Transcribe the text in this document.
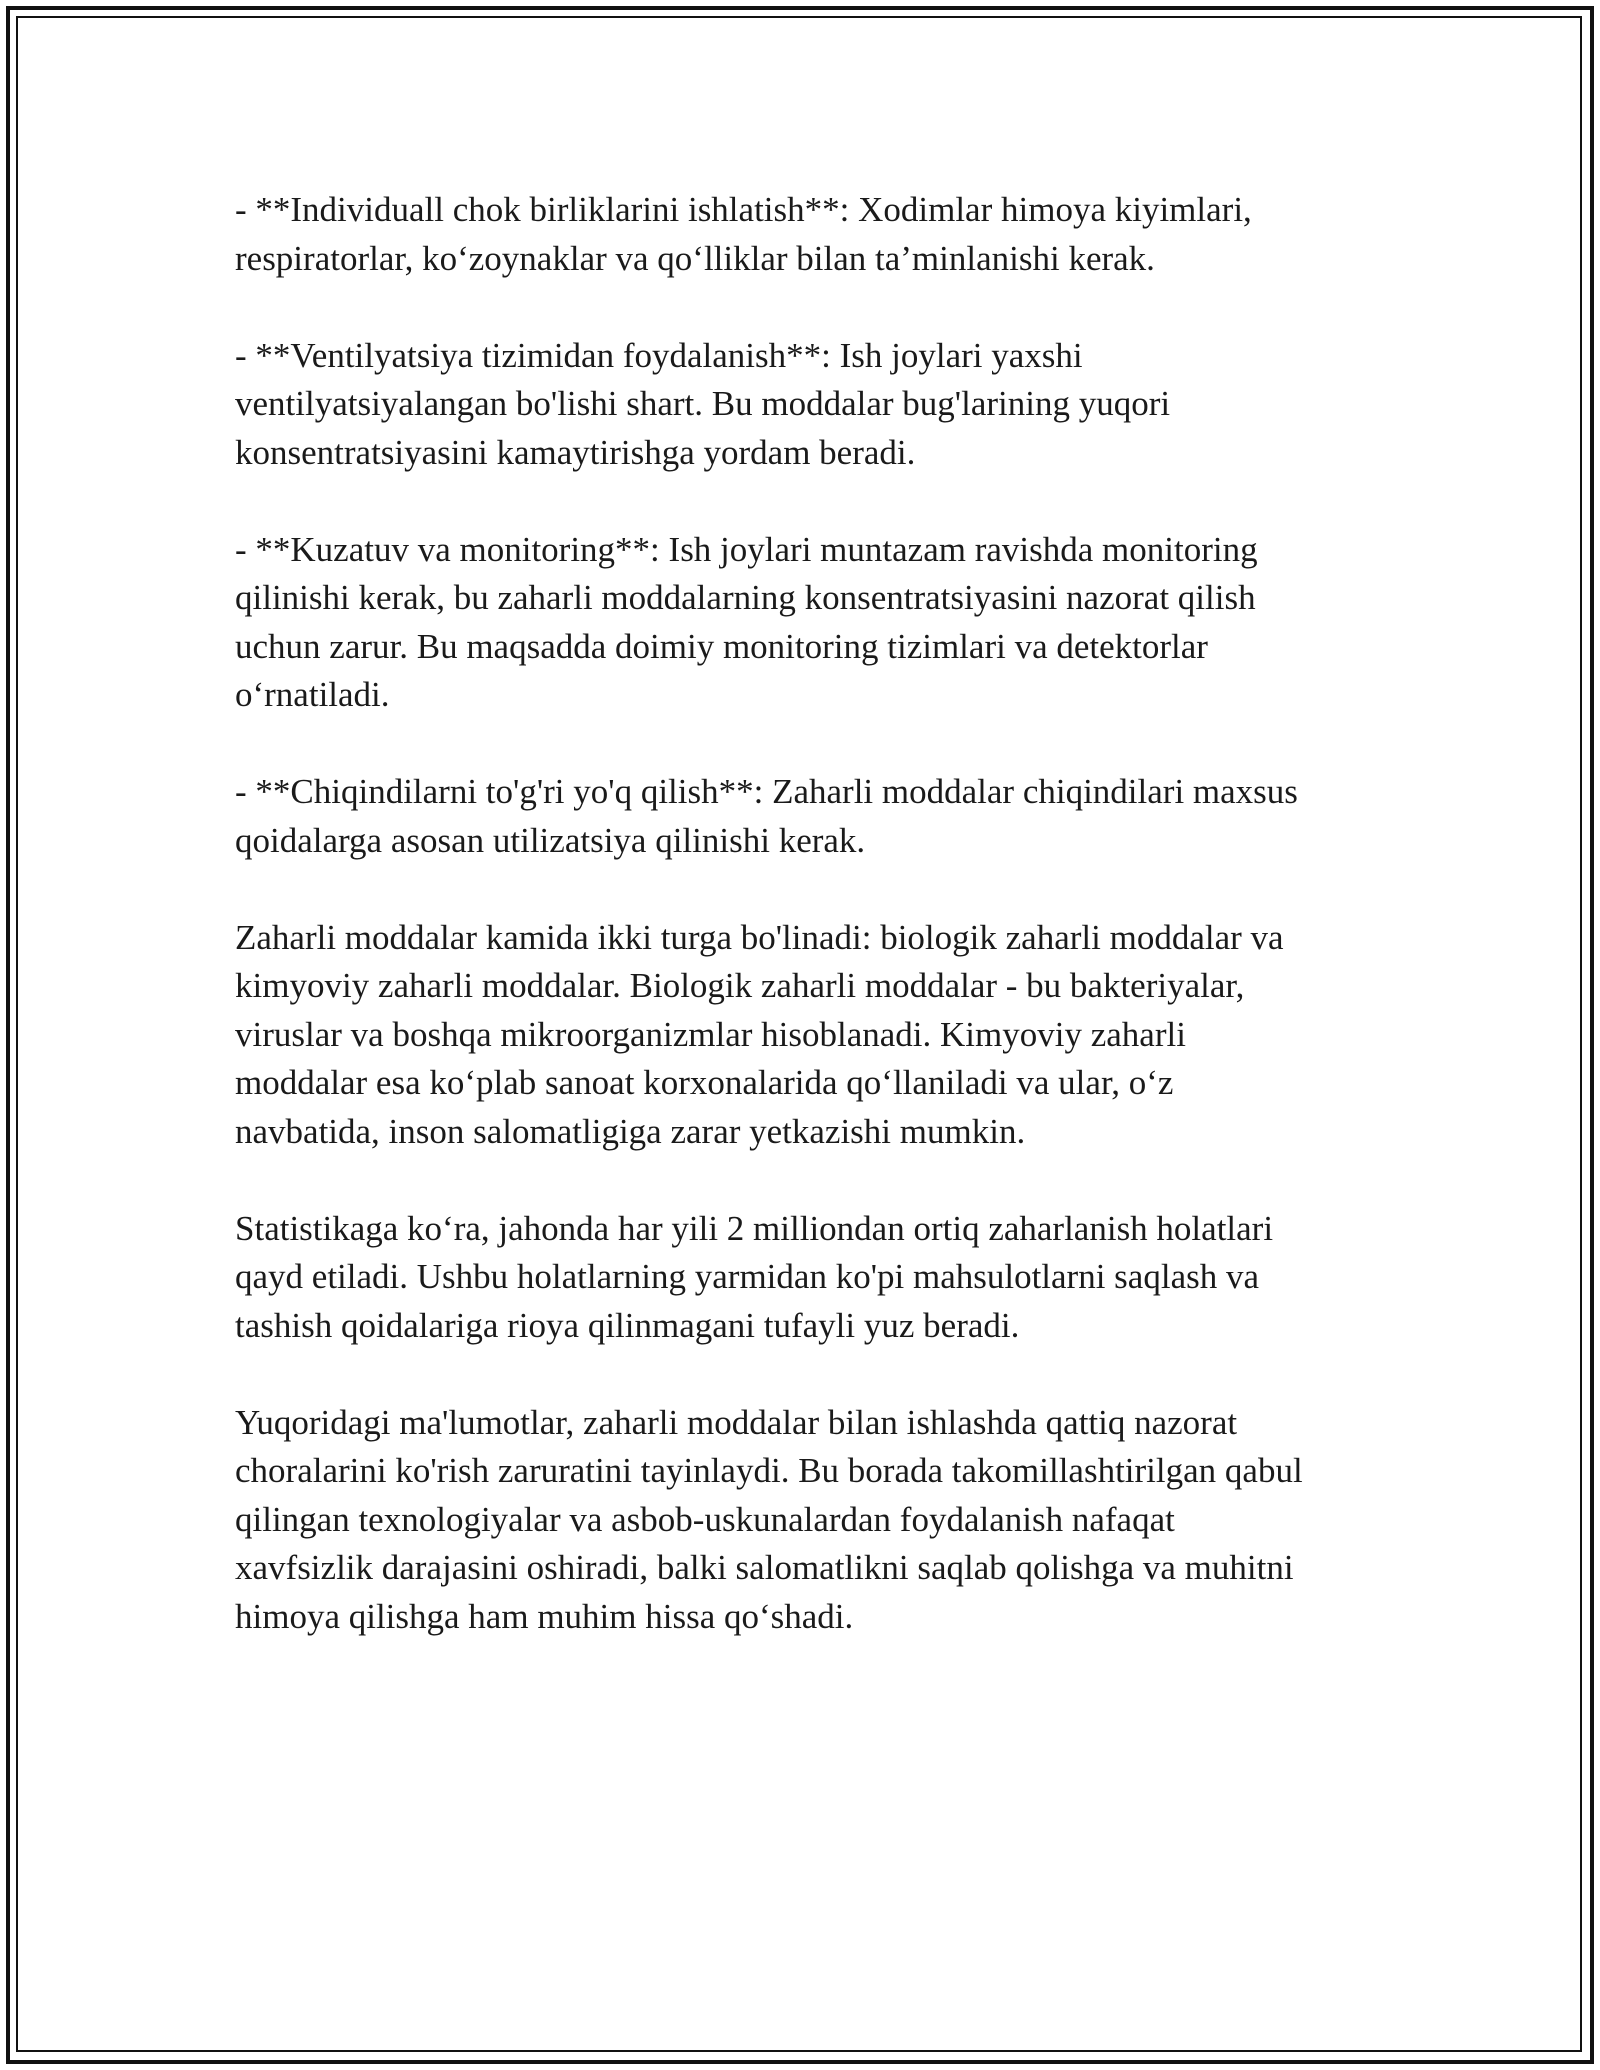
- **Individuall chok birliklarini ishlatish**: Xodimlar himoya kiyimlari,
respiratorlar, ko‘zoynaklar va qo‘lliklar bilan ta’minlanishi kerak.

- **Ventilyatsiya tizimidan foydalanish**: Ish joylari yaxshi
ventilyatsiyalangan bo'lishi shart. Bu moddalar bug'larining yuqori
konsentratsiyasini kamaytirishga yordam beradi.

- **Kuzatuv va monitoring**: Ish joylari muntazam ravishda monitoring
qilinishi kerak, bu zaharli moddalarning konsentratsiyasini nazorat qilish
uchun zarur. Bu maqsadda doimiy monitoring tizimlari va detektorlar
o‘rnatiladi.

- **Chiqindilarni to'g'ri yo'q qilish**: Zaharli moddalar chiqindilari maxsus
qoidalarga asosan utilizatsiya qilinishi kerak.

Zaharli moddalar kamida ikki turga bo'linadi: biologik zaharli moddalar va
kimyoviy zaharli moddalar. Biologik zaharli moddalar - bu bakteriyalar,
viruslar va boshqa mikroorganizmlar hisoblanadi. Kimyoviy zaharli
moddalar esa ko‘plab sanoat korxonalarida qo‘llaniladi va ular, o‘z
navbatida, inson salomatligiga zarar yetkazishi mumkin.

Statistikaga ko‘ra, jahonda har yili 2 milliondan ortiq zaharlanish holatlari
qayd etiladi. Ushbu holatlarning yarmidan ko'pi mahsulotlarni saqlash va
tashish qoidalariga rioya qilinmagani tufayli yuz beradi.

Yuqoridagi ma'lumotlar, zaharli moddalar bilan ishlashda qattiq nazorat
choralarini ko'rish zaruratini tayinlaydi. Bu borada takomillashtirilgan qabul
qilingan texnologiyalar va asbob-uskunalardan foydalanish nafaqat
xavfsizlik darajasini oshiradi, balki salomatlikni saqlab qolishga va muhitni
himoya qilishga ham muhim hissa qo‘shadi.
